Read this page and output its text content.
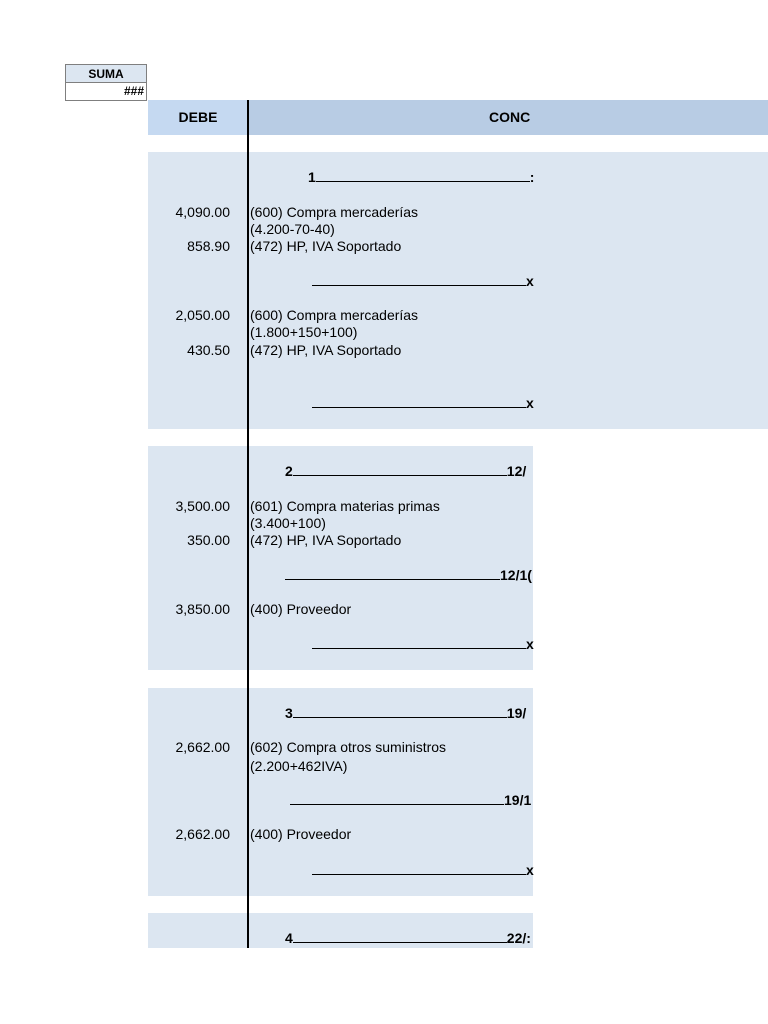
SUMA
###
DEBE	CONC
1	:
4,090.00 (600) Compra mercaderías
(4.200-70-40)
858.90 (472) HP, IVA Soportado
x
2,050.00 (600) Compra mercaderías
(1.800+150+100)
430.50 (472) HP, IVA Soportado
x
2	12/
3,500.00 (601) Compra materias primas
(3.400+100)
350.00 (472) HP, IVA Soportado
12/1(
3,850.00 (400) Proveedor
x
3	19/
2,662.00 (602) Compra otros suministros
(2.200+462IVA)
19/1
2,662.00 (400) Proveedor
x
4	22/:
